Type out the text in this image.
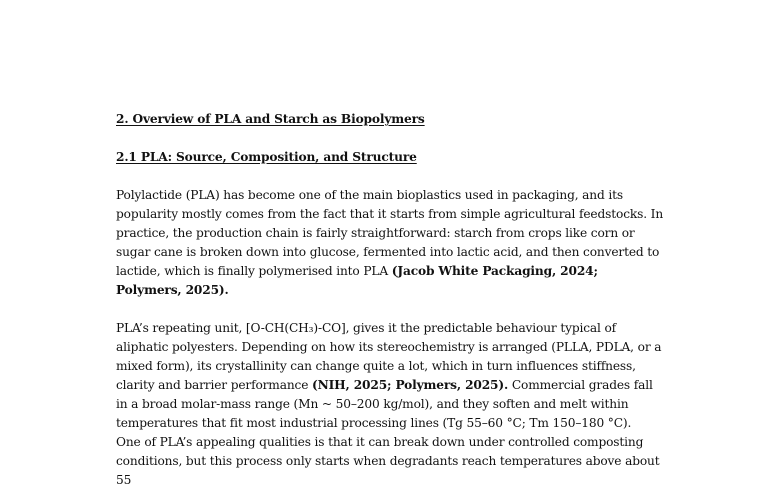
2. Overview of PLA and Starch as Biopolymers
2.1 PLA: Source, Composition, and Structure

Polylactide (PLA) has become one of the main bioplastics used in packaging, and its popularity mostly comes from the fact that it starts from simple agricultural feedstocks. In practice, the production chain is fairly straightforward: starch from crops like corn or sugar cane is broken down into glucose, fermented into lactic acid, and then converted to lactide, which is finally polymerised into PLA (Jacob White Packaging, 2024; Polymers, 2025).

PLA’s repeating unit, [O-CH(CH₃)-CO], gives it the predictable behaviour typical of aliphatic polyesters. Depending on how its stereochemistry is arranged (PLLA, PDLA, or a mixed form), its crystallinity can change quite a lot, which in turn influences stiffness, clarity and barrier performance (NIH, 2025; Polymers, 2025). Commercial grades fall in a broad molar-mass range (Mn ~ 50–200 kg/mol), and they soften and melt within temperatures that fit most industrial processing lines (Tg 55–60 °C; Tm 150–180 °C).

One of PLA’s appealing qualities is that it can break down under controlled composting conditions, but this process only starts when degradants reach temperatures above about 55
